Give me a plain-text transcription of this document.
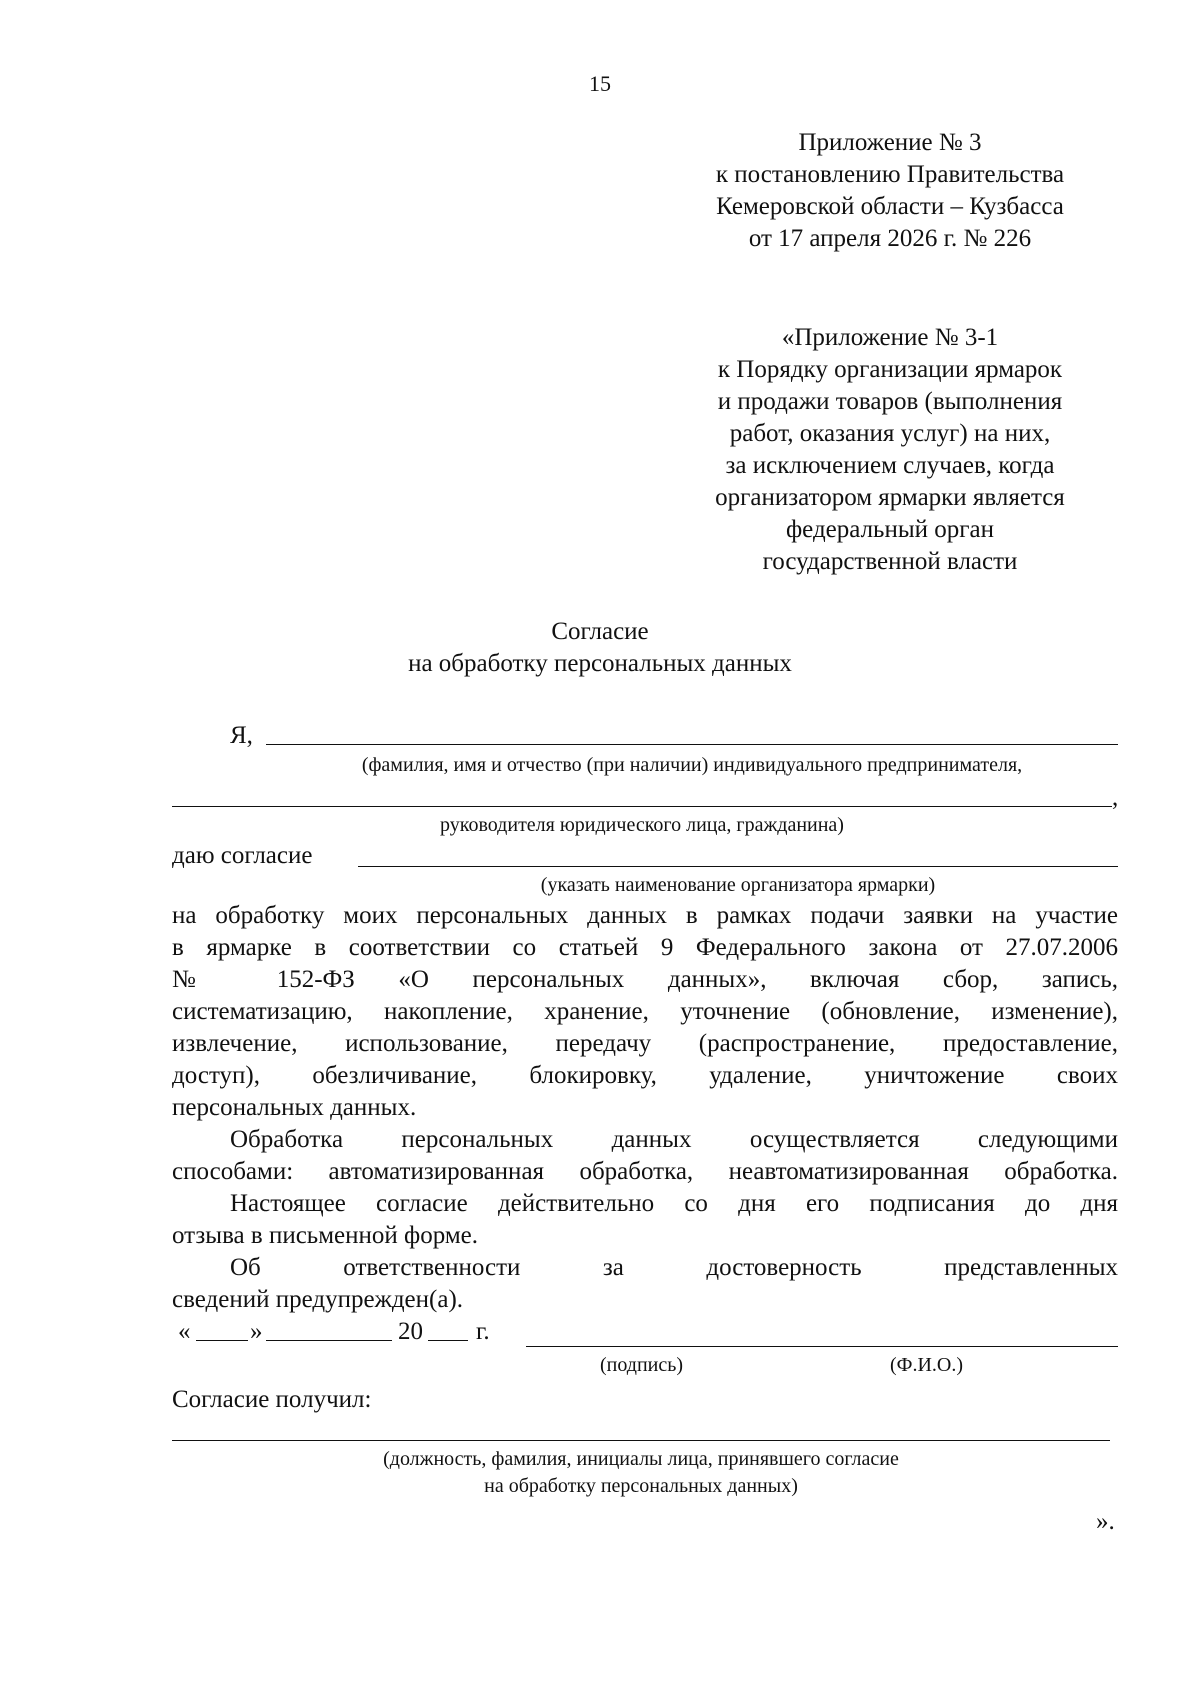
15
Приложение № 3
к постановлению Правительства
Кемеровской области – Кузбасса
от 17 апреля 2026 г. № 226
«Приложение № 3-1
к Порядку организации ярмарок
и продажи товаров (выполнения
работ, оказания услуг) на них,
за исключением случаев, когда
организатором ярмарки является
федеральный орган
государственной власти
Согласие
на обработку персональных данных
Я,
(фамилия, имя и отчество (при наличии) индивидуального предпринимателя,
,
руководителя юридического лица, гражданина)
даю согласие
(указать наименование организатора ярмарки)
на обработку моих персональных данных в рамках подачи заявки на участие
в ярмарке в соответствии со статьей 9 Федерального закона от 27.07.2006
№ 152-ФЗ «О персональных данных», включая сбор, запись,
систематизацию, накопление, хранение, уточнение (обновление, изменение),
извлечение, использование, передачу (распространение, предоставление,
доступ), обезличивание, блокировку, удаление, уничтожение своих
персональных данных.
Обработка персональных данных осуществляется следующими
способами: автоматизированная обработка, неавтоматизированная обработка.
Настоящее согласие действительно со дня его подписания до дня
отзыва в письменной форме.
Об ответственности за достоверность представленных
сведений предупрежден(а).
« »	20 г.
(подпись)	(Ф.И.О.)
Согласие получил:
(должность, фамилия, инициалы лица, принявшего согласие
на обработку персональных данных)
».
